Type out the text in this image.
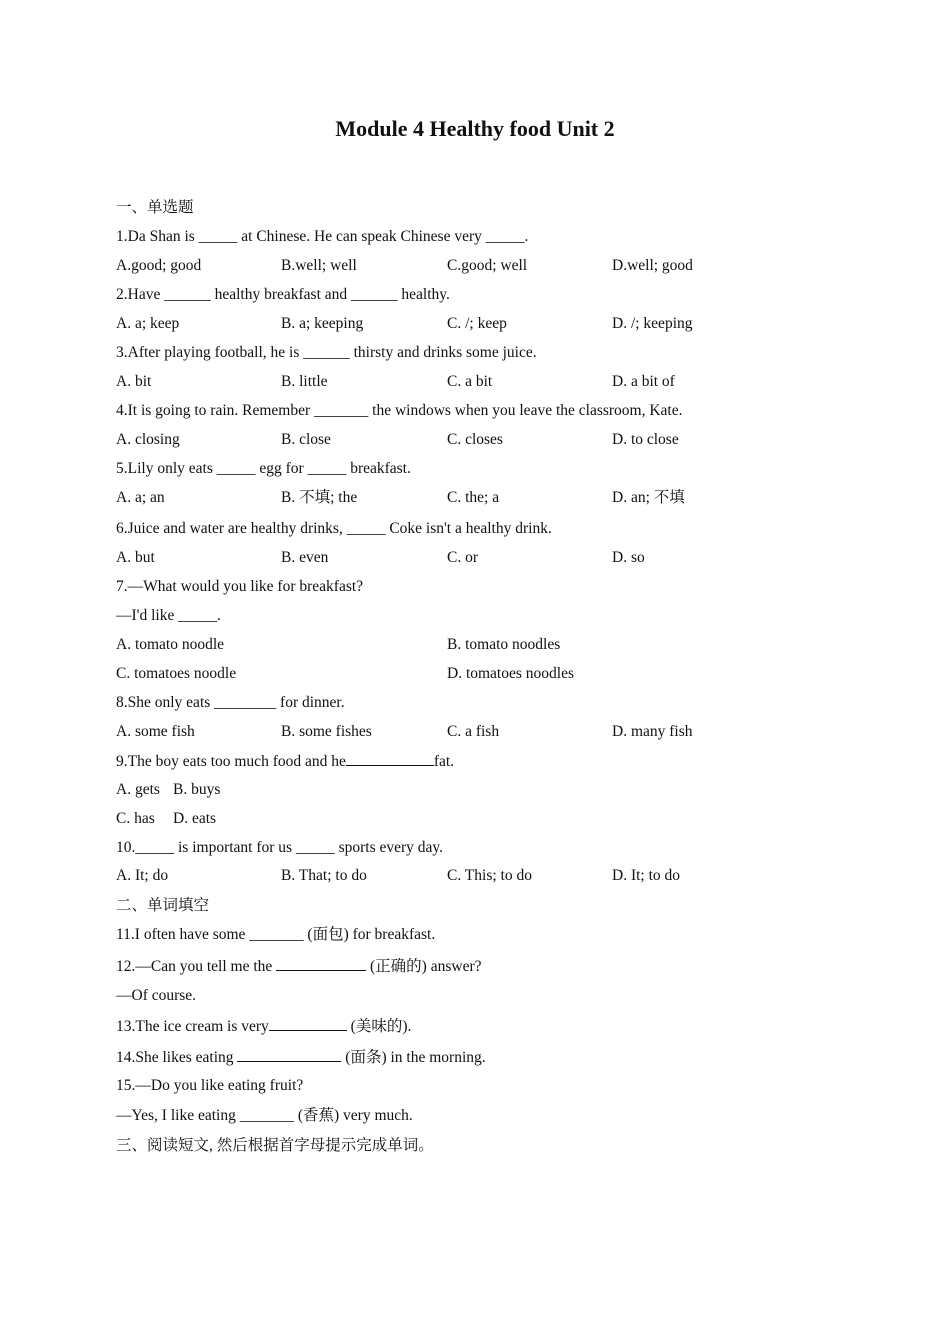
Module 4 Healthy food Unit 2
一、单选题
1.Da Shan is _____ at Chinese. He can speak Chinese very _____.
A.good; good	B.well; well	C.good; well	D.well; good
2.Have ______ healthy breakfast and ______ healthy.
A. a; keep	B. a; keeping	C. /; keep	D. /; keeping
3.After playing football, he is ______ thirsty and drinks some juice.
A. bit	B. little	C. a bit	D. a bit of
4.It is going to rain. Remember _______ the windows when you leave the classroom, Kate.
A. closing	B. close	C. closes	D. to close
5.Lily only eats _____ egg for _____ breakfast.
A. a; an	B. 不填; the	C. the; a	D. an; 不填
6.Juice and water are healthy drinks, _____ Coke isn't a healthy drink.
A. but	B. even	C. or	D. so
7.—What would you like for breakfast?
—I'd like _____.
A. tomato noodle	B. tomato noodles
C. tomatoes noodle	D. tomatoes noodles
8.She only eats ________ for dinner.
A. some fish	B. some fishes	C. a fish	D. many fish
9.The boy eats too much food and he	fat.
A. gets B. buys
C. has D. eats
10._____ is important for us _____ sports every day.
A. It; do	B. That; to do	C. This; to do	D. It; to do
二、单词填空
11.I often have some _______ (面包) for breakfast.
12.—Can you tell me the	(正确的) answer?
—Of course.
13.The ice cream is very	(美味的).
14.She likes eating	(面条) in the morning.
15.—Do you like eating fruit?
—Yes, I like eating _______ (香蕉) very much.
三、阅读短文, 然后根据首字母提示完成单词。
